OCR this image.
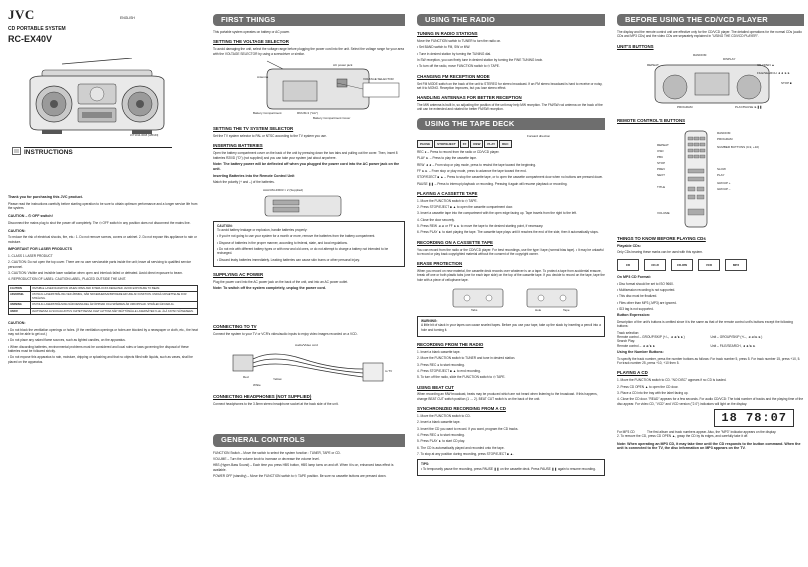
JVC	ENGLISH
CD PORTABLE SYSTEM
RC-EX40V
LVT1014-001B [U/B/UN]
INSTRUCTIONS
Thank you for purchasing this JVC product.

Please read the instructions carefully before starting operation to be sure to obtain optimum performance and a longer service life from the system.

CAUTION – ⏻ OFF switch!

Disconnect the mains plug to shut the power off completely. The ⏻ OFF switch in any position does not disconnect the mains line.

CAUTION:

To reduce the risk of electrical shocks, fire, etc.: 1. Do not remove screws, covers or cabinet. 2. Do not expose this appliance to rain or moisture.

IMPORTANT FOR LASER PRODUCTS

1. CLASS 1 LASER PRODUCT

2. CAUTION: Do not open the top cover. There are no user serviceable parts inside the unit; leave all servicing to qualified service personnel.

3. CAUTION: Visible and invisible laser radiation when open and interlock failed or defeated. Avoid direct exposure to beam.

4. REPRODUCTION OF LABEL: CAUTION LABEL, PLACED OUTSIDE THE UNIT.

CAUTION	INVISIBLE LASER RADIATION WHEN OPEN AND INTERLOCKS DEFEATED. AVOID EXPOSURE TO BEAM.
ADVARSEL	USYNLIG LASERSTRÅLING VED ÅBNING, NÅR SIKKERHEDSAFBRYDERE ER UDE AF FUNKTION. UNDGÅ UDSÆTTELSE FOR STRÅLING.
VARNING	OSYNLIG LASERSTRÅLNING NÄR DENNA DEL ÄR ÖPPNAD OCH SPÄRREN ÄR URKOPPLAD. STRÅLEN ÄR FARLIG.
VARO!	AVATTAESSA JA SUOJALUKITUS OHITETTAESSA OLET ALTTIINA NÄKYMÄTTÖMÄLLE LASERSÄTEILYLLE. ÄLÄ KATSO SÄTEESEEN.
CAUTION:

• Do not block the ventilation openings or holes. (If the ventilation openings or holes are blocked by a newspaper or cloth, etc., the heat may not be able to get out.)

• Do not place any naked flame sources, such as lighted candles, on the apparatus.

• When discarding batteries, environmental problems must be considered and local rules or laws governing the disposal of these batteries must be followed strictly.

• Do not expose this apparatus to rain, moisture, dripping or splashing and that no objects filled with liquids, such as vases, shall be placed on the apparatus.

FIRST THINGS

This portable system operates on battery or AC power.

SETTING THE VOLTAGE SELECTOR

To avoid damaging the unit, select the voltage range before plugging the power cord into the unit. Select the voltage range for your area with the VOLTAGE SELECTOR by using a screwdriver or similar.

Antenna
AC power jack
VOLTAGE SELECTOR
Battery Compartment	R6/UM-3 ("AA")
Battery Compartment Cover
SETTING THE TV SYSTEM SELECTOR

Set the TV system selector to PAL or NTSC according to the TV system you use.

INSERTING BATTERIES

Open the battery compartment cover on the back of the unit by pressing down the two tabs and pulling out the cover. Then, insert 8 batteries R20/D ("D") (not supplied) and you can take your system just about anywhere.

Note: The battery power will be deflected off when you plugged the power cord into the AC power jack on the unit.

Inserting Batteries into the Remote Control Unit

Match the polarity (+ and –) of the batteries.

AAA/UM-4/R03 × 2 (Supplied)
CAUTION:

To avoid battery leakage or explosion, handle batteries properly:

• If you're not going to use your system for a month or more, remove the batteries from the battery compartment.

• Dispose of batteries in the proper manner, according to federal, state, and local regulations.

• Do not mix with different battery types or with new and old ones, or do not attempt to charge a battery not intended to be recharged.

• Discard leaky batteries immediately. Leaking batteries can cause skin burns or other personal injury.

SUPPLYING AC POWER

Plug the power cord into the AC power jack on the back of the unit, and into an AC power outlet.

Note: To switch off the system completely, unplug the power cord.

CONNECTING TO TV

Connect the system to your TV or VCR's video/audio inputs to enjoy video images recorded on a VCD.

Audio/Video cord
Red	Yellow
White
to TV
CONNECTING HEADPHONES (NOT SUPPLIED)

Connect headphones to the 3.5mm stereo headphone socket at the back side of the unit.

GENERAL CONTROLS

FUNCTION Switch – Move the switch to select the system function : TUNER, TAPE or CD.

VOLUME – Turn the volume knob to increase or decrease the volume level.

HBS (Hyper-Bass Sound) – Each time you press HBS button, HBS lamp turns on and off. When it is on, enhanced bass effect is available.

POWER OFF (standby) – Move the FUNCTION switch to ⏻ TAPE position. Be sure no cassette buttons are pressed down.

USING THE RADIO
TUNING IN RADIO STATIONS

Move the FUNCTION switch to TUNER to turn the radio on.

• Set BAND switch to FM, SW or MW.

• Tune in desired station by turning the TUNING dial.

In SW reception, you can finely tune in desired station by turning the FINE TUNING knob.

• To turn off the radio, move FUNCTION switch to ⏻ TAPE.

CHANGING FM RECEPTION MODE

Set FM MODE switch on the back of the unit to STEREO for stereo broadcast. If an FM stereo broadcast is hard to receive or noisy, set it to MONO. Reception improves, but you lose stereo effect.

HANDLING ANTENNAS FOR BETTER RECEPTION

The MW antenna is built in, so adjusting the position of the unit may help MW reception. The FM/SW rod antenna on the back of the unit can be extended and rotated for better FM/SW reception.

USING THE TAPE DECK
Forward direction
PAUSE	STOP/EJECT	FF	REW	PLAY	REC

REC ● – Press to record from the radio or CD/VCD player.

PLAY ► – Press to play the cassette tape.

REW ◄◄ – From stop or play mode, press to rewind the tape toward the beginning.

FF ►► – From stop or play mode, press to advance the tape toward the end.

STOP/EJECT ■ ▲ – Press to stop the cassette tape, or to open the cassette compartment door when no buttons are pressed down.

PAUSE ❚❚ – Press to interrupt playback or recording. Pressing it again will resume playback or recording.

PLAYING A CASSETTE TAPE

1. Move the FUNCTION switch to ⏻ TAPE.

2. Press STOP/EJECT ■ ▲ to open the cassette compartment door.

3. Insert a cassette tape into the compartment with the open edge facing up. Tape travels from the right to the left.

4. Close the door securely.

5. Press REW ◄◄ or FF ►► to move the tape to the desired starting point, if necessary.

6. Press PLAY ► to start playing the tape. The cassette tape plays until it reaches the end of the side, then it automatically stops.

RECORDING ON A CASSETTE TAPE

You can record from the radio or the CD/VCD player. For best recordings, use the type I tape (normal bias tape). • It may be unlawful to record or play back copyrighted material without the consent of the copyright owner.

ERASE PROTECTION

When you record on new material, the cassette deck records over whatever is on a tape. To protect a tape from accidental erasure, break off one or both plastic tabs (one for each tape side) on the top of the cassette tape. If you decide to record on the tape, tape the hole with a piece of cellophane tape.

Tabs	Hole	Tape
WARNING:

A little bit of slack in your tapes can cause snarled tapes. Before you use your tape, take up the slack by inserting a pencil into a hole and turning it.

RECORDING FROM THE RADIO

1. Insert a blank cassette tape.

2. Move the FUNCTION switch to TUNER and tune in desired station.

3. Press REC ● to start recording.

4. Press STOP/EJECT ■ ▲ to end recording.

5. To turn off the radio, slide the FUNCTION switch to ⏻ TAPE.

USING BEAT CUT

When recording an MW broadcast, beats may be produced which are not heard when listening to the broadcast. If this happens, change BEAT CUT switch position (1 ↔ 2). BEAT CUT switch is on the back of the unit.

SYNCHRONIZED RECORDING FROM A CD

1. Move the FUNCTION switch to CD.

2. Insert a blank cassette tape.

3. Insert the CD you want to record. If you want, program the CD tracks.

4. Press REC ● to start recording.

5. Press PLAY ► to start CD play.

6. The CD is automatically played and recorded onto the tape.

7. To stop at any position during recording, press STOP/EJECT ■ ▲.

TIPS:

• To temporarily pause the recording, press PAUSE ❚❚ on the cassette deck. Press PAUSE ❚❚ again to resume recording.

BEFORE USING THE CD/VCD PLAYER

The display and the remote control unit are effective only for the CD/VCD player. The detailed operations for the normal CDs (audio CDs and MP3 CDs) and the video CDs are separately explained in "USING THE CD/VCD PLAYER".

UNIT'S BUTTONS
RANDOM
DISPLAY
REPEAT	CD OPEN ▲
FILE/SEARCH ◄◄ ►►
STOP ■
PROGRAM	PLAY/PAUSE ►❚❚
REMOTE CONTROL'S BUTTONS
RANDOM
PROGRAM
NUMBER BUTTONS (0-9, +10)
REPEAT
OSD
PBC
STOP
PREV
NEXT
SLOW
PLAY
GROUP +
GROUP –
TITLE
VOLUME
THINGS TO KNOW BEFORE PLAYING CDs

Playable CDs:

Only CDs bearing these marks can be used with this system.

CD	CD-R	CD-RW	VCD	MP3

On MP3 CD Format:

• Disc format should be set to ISO 9660.

• Multisession recording is not supported.

• This disc must be finalized.

• Files other than MP3 (.MP3) are ignored.

• ID3 tag is not supported.

Button Expression:

Description of the unit's buttons is omitted since it is the same as that of the remote control unit's buttons except the following buttons:

Track selection:
Remote control – GROUP/SKIP (+/–, ◄◄/►►)	Unit – GROUP/SKIP (+/–, ◄◄/►►)
Search Play:
Remote control – ◄◄/►►	Unit – FILE/SEARCH, ◄◄/►►

Using the Number Buttons:

To specify the track number, press the number buttons as follows: For track number 5, press 5. For track number 15, press +10, 5. For track number 25, press +10, +10 then 5.

PLAYING A CD

1. Move the FUNCTION switch to CD. "NO DISC" appears if no CD is loaded.

2. Press CD OPEN ▲ to open the CD door.

3. Place a CD into the tray with the label facing up.

4. Close the CD door. "READ" appears for a few seconds. For audio CD/VCD: The total number of tracks and the playing time of the disc appear. For video CD, "VCD" and VCD version ("2.0") indicators will light on the display.

18 78:07
For MP3 CD	The first album and track numbers appear. Also, the "MP3" indicator appears on the display.

2. To remove the CD, press CD OPEN ▲, grasp the CD by its edges, and carefully take it off.

Note: When operating an MP3 CD, it may take time until the CD responds to the button command. When the unit is connected to the TV, the disc information on MP3 appears on the TV.
